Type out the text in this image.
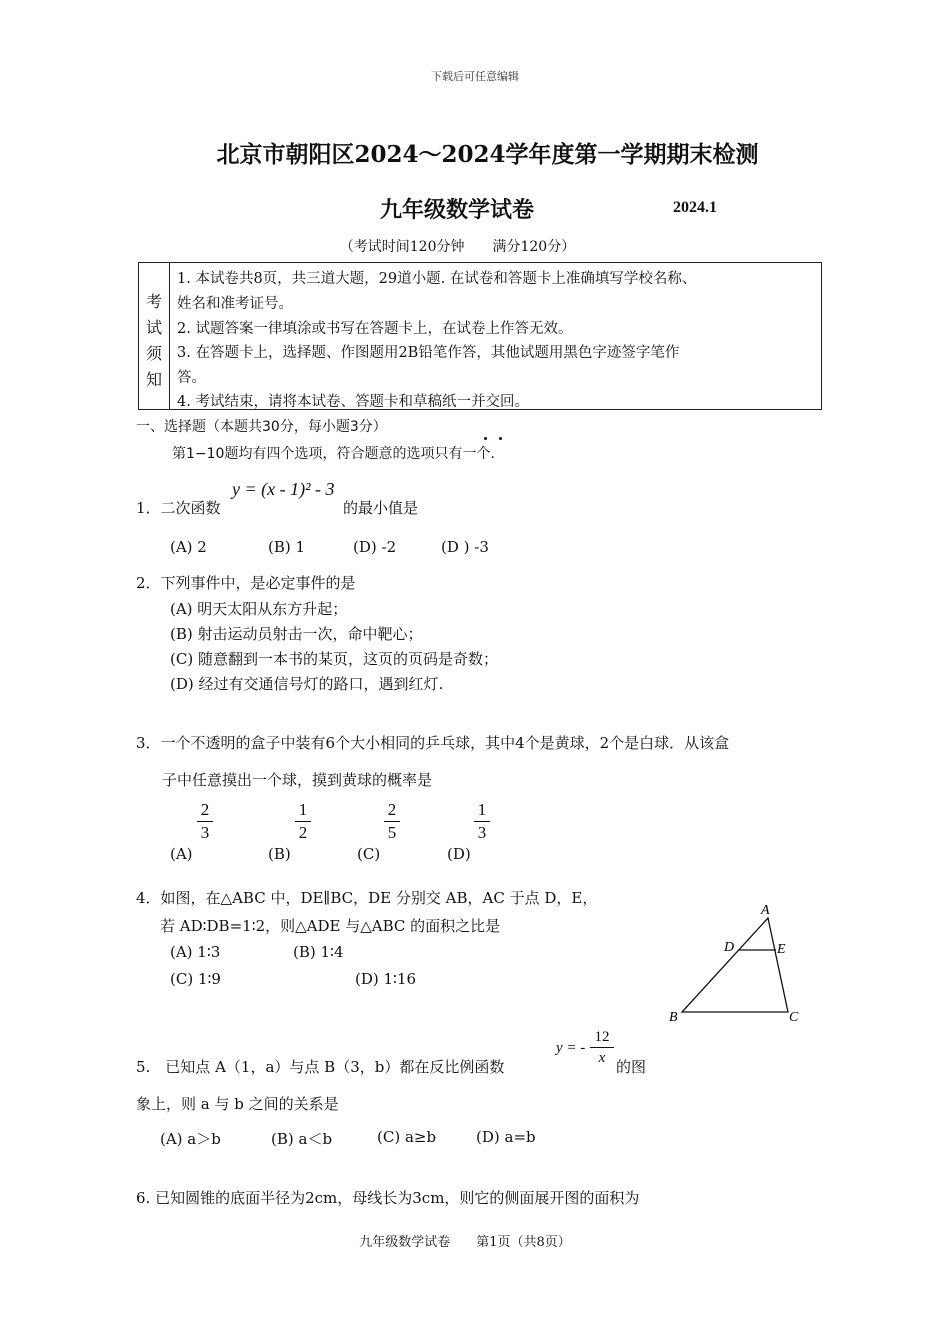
下载后可任意编辑
北京市朝阳区2024～2024学年度第一学期期末检测
九年级数学试卷	2024.1
（考试时间120分钟　　满分120分）
考
试
须
知
1. 本试卷共8页，共三道大题，29道小题. 在试卷和答题卡上准确填写学校名称、
姓名和准考证号。
2. 试题答案一律填涂或书写在答题卡上，在试卷上作答无效。
3. 在答题卡上，选择题、作图题用2B铅笔作答，其他试题用黑色字迹签字笔作
答。
4. 考试结束，请将本试卷、答题卡和草稿纸一并交回。
一、选择题（本题共30分，每小题3分）
第1−10题均有四个选项，符合题意的选项只有一个.
1．二次函数
y = (x - 1)² - 3
的最小值是
(A) 2	(B) 1	(D) -2	(D ) -3
2．下列事件中，是必定事件的是
(A) 明天太阳从东方升起；
(B) 射击运动员射击一次，命中靶心；
(C) 随意翻到一本书的某页，这页的页码是奇数；
(D) 经过有交通信号灯的路口，遇到红灯.
3．一个不透明的盒子中装有6个大小相同的乒乓球，其中4个是黄球，2个是白球．从该盒
子中任意摸出一个球，摸到黄球的概率是
2
3
1
2
2
5
1
3
(A)	(B)	(C)	(D)
4．如图，在△ABC 中，DE∥BC，DE 分别交 AB，AC 于点 D，E，
若 AD∶DB=1∶2，则△ADE 与△ABC 的面积之比是
(A) 1∶3	(B) 1∶4
(C) 1∶9	(D) 1∶16
A
D	E
B	C
5.　已知点 A（1，a）与点 B（3，b）都在反比例函数
y = -
12
x 的图
象上，则 a 与 b 之间的关系是
(A) a＞b	(B) a＜b	(C) a≥b	(D) a=b
6. 已知圆锥的底面半径为2cm，母线长为3cm，则它的侧面展开图的面积为
九年级数学试卷　　第1页（共8页）
